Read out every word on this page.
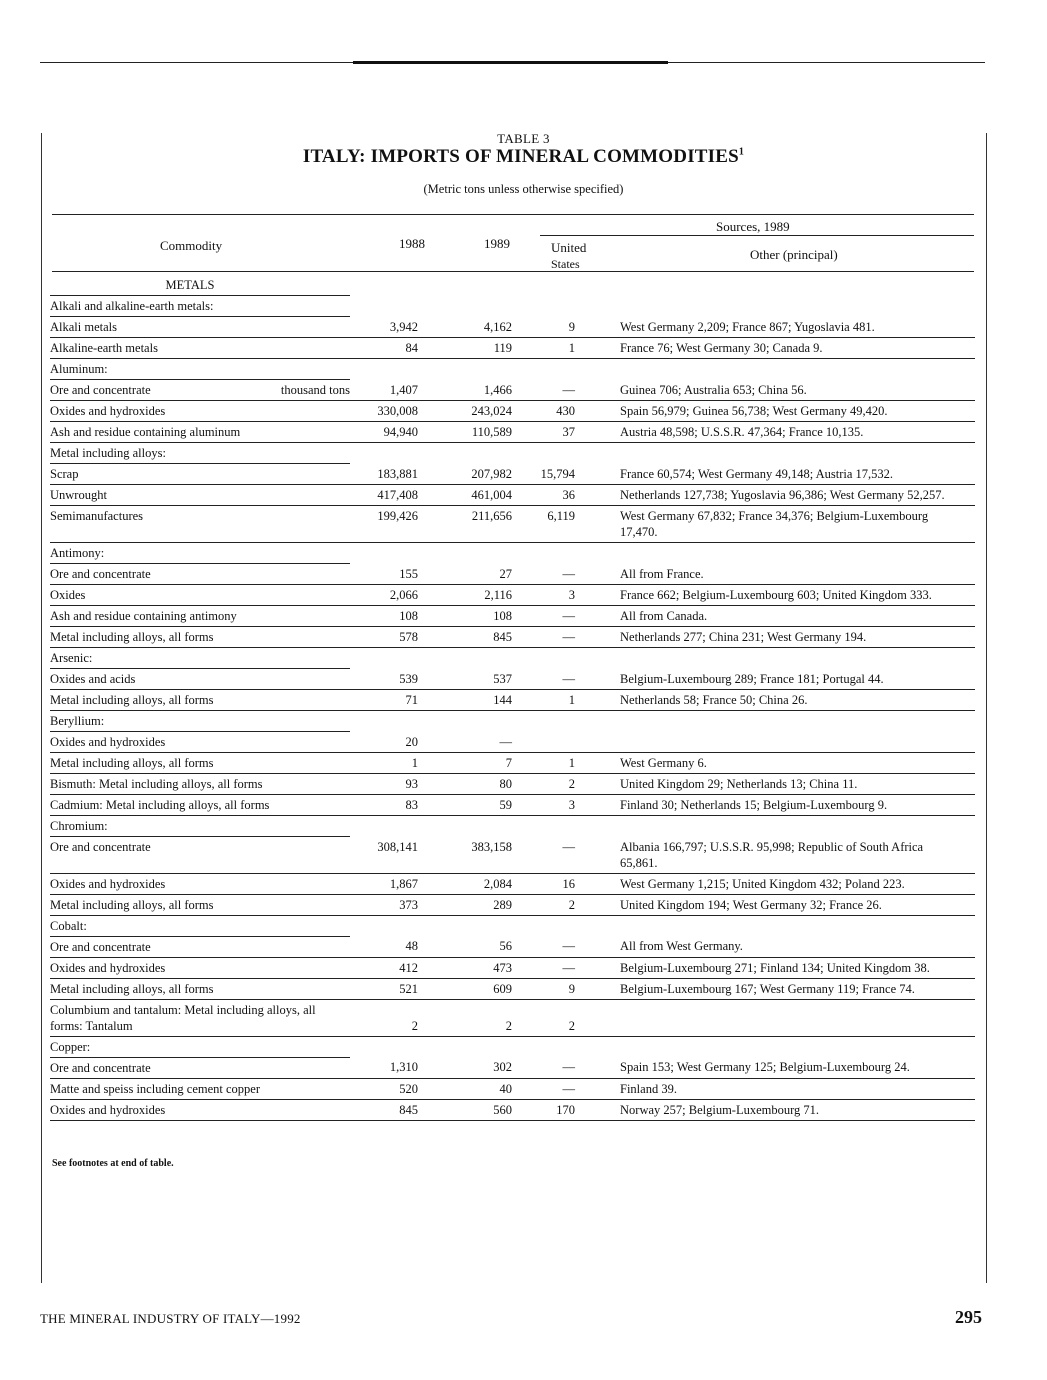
TABLE 3
ITALY: IMPORTS OF MINERAL COMMODITIES$^1$
(Metric tons unless otherwise specified)
Commodity	1988	1989
Sources, 1989
United
States
Other (principal)
METALS				
Alkali and alkaline-earth metals:				
Alkali metals	3,942	4,162	9	West Germany 2,209; France 867; Yugoslavia 481.
Alkaline-earth metals	84	119	1	France 76; West Germany 30; Canada 9.
Aluminum:				
Ore and concentrate thousand tons	1,407	1,466	—	Guinea 706; Australia 653; China 56.
Oxides and hydroxides	330,008	243,024	430	Spain 56,979; Guinea 56,738; West Germany 49,420.
Ash and residue containing aluminum	94,940	110,589	37	Austria 48,598; U.S.S.R. 47,364; France 10,135.
Metal including alloys:				
Scrap	183,881	207,982	15,794	France 60,574; West Germany 49,148; Austria 17,532.
Unwrought	417,408	461,004	36	Netherlands 127,738; Yugoslavia 96,386; West Germany 52,257.
Semimanufactures	199,426	211,656	6,119	West Germany 67,832; France 34,376; Belgium-Luxembourg 17,470.
Antimony:				
Ore and concentrate	155	27	—	All from France.
Oxides	2,066	2,116	3	France 662; Belgium-Luxembourg 603; United Kingdom 333.
Ash and residue containing antimony	108	108	—	All from Canada.
Metal including alloys, all forms	578	845	—	Netherlands 277; China 231; West Germany 194.
Arsenic:				
Oxides and acids	539	537	—	Belgium-Luxembourg 289; France 181; Portugal 44.
Metal including alloys, all forms	71	144	1	Netherlands 58; France 50; China 26.
Beryllium:				
Oxides and hydroxides	20	—		
Metal including alloys, all forms	1	7	1	West Germany 6.
Bismuth: Metal including alloys, all forms	93	80	2	United Kingdom 29; Netherlands 13; China 11.
Cadmium: Metal including alloys, all forms	83	59	3	Finland 30; Netherlands 15; Belgium-Luxembourg 9.
Chromium:				
Ore and concentrate	308,141	383,158	—	Albania 166,797; U.S.S.R. 95,998; Republic of South Africa 65,861.
Oxides and hydroxides	1,867	2,084	16	West Germany 1,215; United Kingdom 432; Poland 223.
Metal including alloys, all forms	373	289	2	United Kingdom 194; West Germany 32; France 26.
Cobalt:				
Ore and concentrate	48	56	—	All from West Germany.
Oxides and hydroxides	412	473	—	Belgium-Luxembourg 271; Finland 134; United Kingdom 38.
Metal including alloys, all forms	521	609	9	Belgium-Luxembourg 167; West Germany 119; France 74.
Columbium and tantalum: Metal including alloys, all forms: Tantalum	2	2	2	
Copper:				
Ore and concentrate	1,310	302	—	Spain 153; West Germany 125; Belgium-Luxembourg 24.
Matte and speiss including cement copper	520	40	—	Finland 39.
Oxides and hydroxides	845	560	170	Norway 257; Belgium-Luxembourg 71.
See footnotes at end of table.
THE MINERAL INDUSTRY OF ITALY—1992	295
